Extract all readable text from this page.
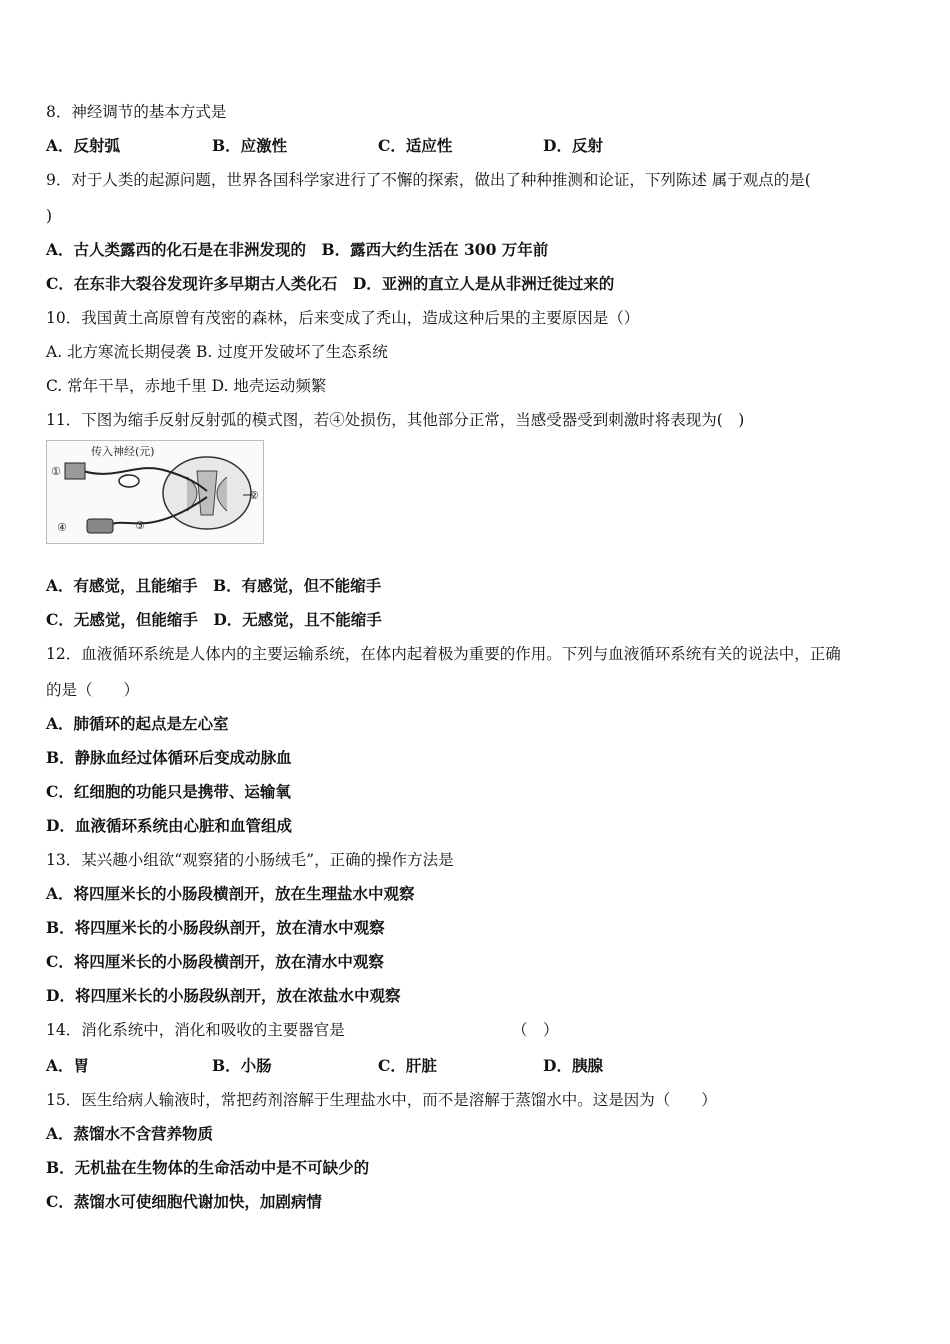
8．神经调节的基本方式是
A．反射弧	B．应激性	C．适应性	D．反射
9．对于人类的起源问题，世界各国科学家进行了不懈的探索，做出了种种推测和论证，下列陈述 属于观点的是(
)
A．古人类露西的化石是在非洲发现的　B．露西大约生活在 300 万年前
C．在东非大裂谷发现许多早期古人类化石　D．亚洲的直立人是从非洲迁徙过来的
10．我国黄土高原曾有茂密的森林，后来变成了秃山，造成这种后果的主要原因是（）
A. 北方寒流长期侵袭 B. 过度开发破坏了生态系统
C. 常年干旱，赤地千里 D. 地壳运动频繁
11．下图为缩手反射反射弧的模式图，若④处损伤，其他部分正常，当感受器受到刺激时将表现为(　)
传入神经(元)
①
②
③
④
A．有感觉，且能缩手　B．有感觉，但不能缩手
C．无感觉，但能缩手　D．无感觉，且不能缩手
12．血液循环系统是人体内的主要运输系统，在体内起着极为重要的作用。下列与血液循环系统有关的说法中，正确
的是（　　）
A．肺循环的起点是左心室
B．静脉血经过体循环后变成动脉血
C．红细胞的功能只是携带、运输氧
D．血液循环系统由心脏和血管组成
13．某兴趣小组欲“观察猪的小肠绒毛”，正确的操作方法是
A．将四厘米长的小肠段横剖开，放在生理盐水中观察
B．将四厘米长的小肠段纵剖开，放在清水中观察
C．将四厘米长的小肠段横剖开，放在清水中观察
D．将四厘米长的小肠段纵剖开，放在浓盐水中观察
14．消化系统中，消化和吸收的主要器官是	（　）
A．胃	B．小肠	C．肝脏	D．胰腺
15．医生给病人输液时，常把药剂溶解于生理盐水中，而不是溶解于蒸馏水中。这是因为（　　）
A．蒸馏水不含营养物质
B．无机盐在生物体的生命活动中是不可缺少的
C．蒸馏水可使细胞代谢加快，加剧病情
